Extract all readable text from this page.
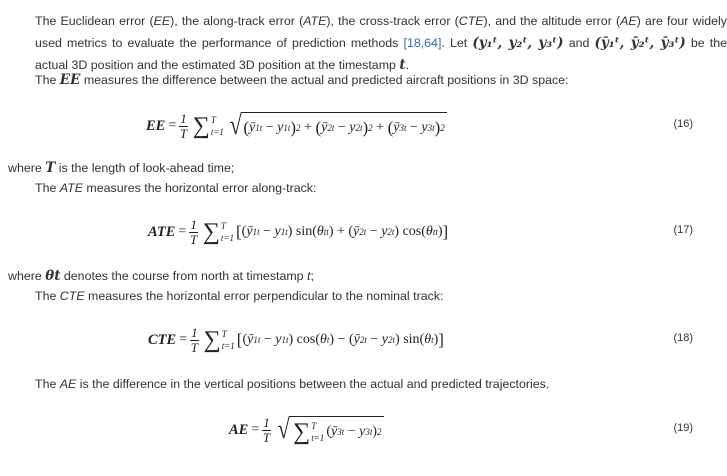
The Euclidean error (EE), the along-track error (ATE), the cross-track error (CTE), and the altitude error (AE) are four widely used metrics to evaluate the performance of prediction methods [18,64]. Let (y₁ᵗ, y₂ᵗ, y₃ᵗ) and (ȳ₁ᵗ, ȳ₂ᵗ, ȳ₃ᵗ) be the actual 3D position and the estimated 3D position at the timestamp t.
The EE measures the difference between the actual and predicted aircraft positions in 3D space:
EE = $\frac{1}{T}$ ∑ T
t=1 √ ( ȳ 1 t − y 1 t ) 2 + ( ȳ 2 t − y 2 t ) 2 + ( ȳ 3 t − y 3 t ) 2	(16)
where T is the length of look-ahead time;
The ATE measures the horizontal error along-track:
ATE = $\frac{1}{T}$ ∑ T
t=1 [ ( ȳ 1 t − y 1 t ) sin( θ t t ) + ( ȳ 2 t − y 2 t ) cos( θ t t ) ]	(17)
where θt denotes the course from north at timestamp t;
The CTE measures the horizontal error perpendicular to the nominal track:
CTE = $\frac{1}{T}$ ∑ T
t=1 [ ( ȳ 1 t − y 1 t ) cos( θ t ) − ( ȳ 2 t − y 2 t ) sin( θ t ) ]	(18)
The AE is the difference in the vertical positions between the actual and predicted trajectories.
AE = $\frac{1}{T}$ √ ∑ T
t=1 ( ȳ 3 t − y 3 t ) 2	(19)
